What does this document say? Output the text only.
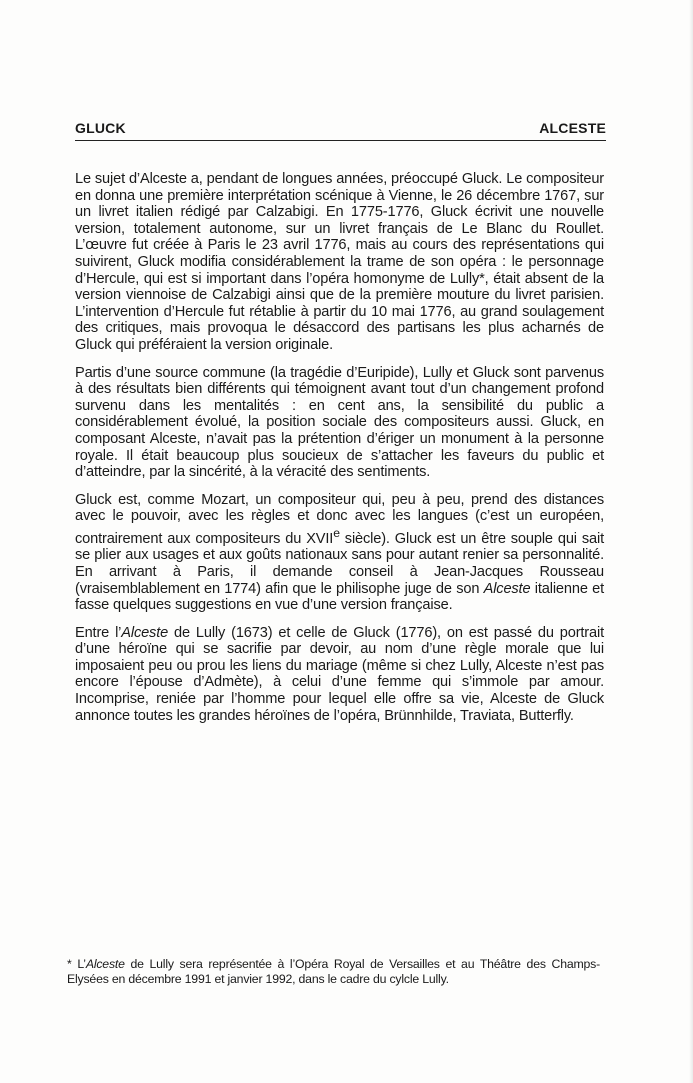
GLUCK	ALCESTE

Le sujet d’Alceste a, pendant de longues années, préoccupé Gluck. Le compositeur en donna une première interprétation scénique à Vienne, le 26 décembre 1767, sur un livret italien rédigé par Calzabigi. En 1775-1776, Gluck écrivit une nouvelle version, totalement autonome, sur un livret français de Le Blanc du Roullet. L’œuvre fut créée à Paris le 23 avril 1776, mais au cours des représentations qui suivirent, Gluck modifia considérablement la trame de son opéra : le personnage d’Hercule, qui est si important dans l’opéra homonyme de Lully*, était absent de la version viennoise de Calzabigi ainsi que de la première mouture du livret parisien. L’intervention d’Hercule fut rétablie à partir du 10 mai 1776, au grand soulagement des critiques, mais provoqua le désaccord des partisans les plus acharnés de Gluck qui préféraient la version originale.

Partis d’une source commune (la tragédie d’Euripide), Lully et Gluck sont parvenus à des résultats bien différents qui témoignent avant tout d’un changement profond survenu dans les mentalités : en cent ans, la sensibilité du public a considérablement évolué, la position sociale des compositeurs aussi. Gluck, en composant Alceste, n’avait pas la prétention d’ériger un monument à la personne royale. Il était beaucoup plus soucieux de s’attacher les faveurs du public et d’atteindre, par la sincérité, à la véracité des sentiments.

Gluck est, comme Mozart, un compositeur qui, peu à peu, prend des distances avec le pouvoir, avec les règles et donc avec les langues (c’est un européen, contrairement aux compositeurs du XVIIe siècle). Gluck est un être souple qui sait se plier aux usages et aux goûts nationaux sans pour autant renier sa personnalité. En arrivant à Paris, il demande conseil à Jean-Jacques Rousseau (vraisemblablement en 1774) afin que le philisophe juge de son Alceste italienne et fasse quelques suggestions en vue d’une version française.

Entre l’Alceste de Lully (1673) et celle de Gluck (1776), on est passé du portrait d’une héroïne qui se sacrifie par devoir, au nom d’une règle morale que lui imposaient peu ou prou les liens du mariage (même si chez Lully, Alceste n’est pas encore l’épouse d’Admète), à celui d’une femme qui s’immole par amour. Incomprise, reniée par l’homme pour lequel elle offre sa vie, Alceste de Gluck annonce toutes les grandes héroïnes de l’opéra, Brünnhilde, Traviata, Butterfly.

* L’Alceste de Lully sera représentée à l’Opéra Royal de Versailles et au Théâtre des Champs-Elysées en décembre 1991 et janvier 1992, dans le cadre du cylcle Lully.
